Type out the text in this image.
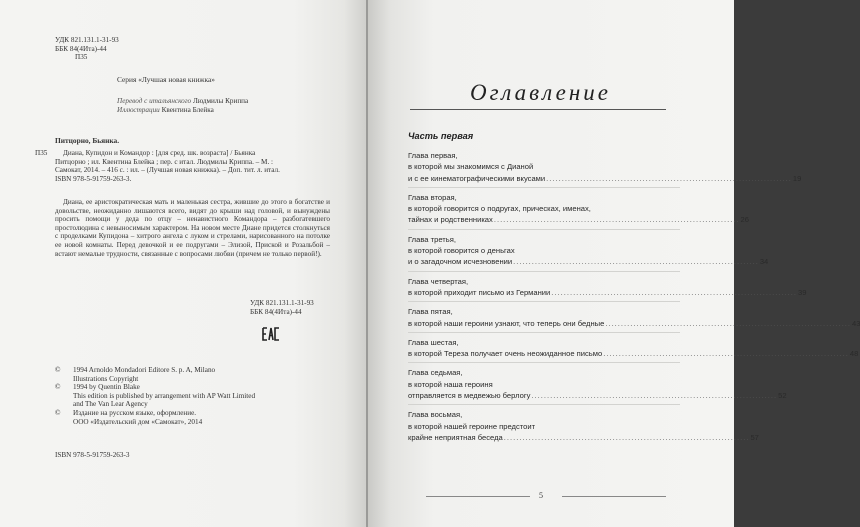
УДК 821.131.1-31-93
ББК 84(4Ита)-44
П35
Серия «Лучшая новая книжка»
Перевод с итальянского Людмилы Криппа
Иллюстрации Квентина Блейка
Питцорно, Бьянка.
П35	Диана, Купидон и Командор : [для сред. шк. возраста] / Бьянка
Питцорно ; ил. Квентина Блейка ; пер. с итал. Людмилы Криппа. – М. :
Самокат, 2014. – 416 с. : ил. – (Лучшая новая книжка). – Доп. тит. л. итал.
ISBN 978-5-91759-263-3.
Диана, ее аристократическая мать и маленькая сестра, жившие до этого в богатстве и довольстве, неожиданно лишаются всего, видят до крыши над головой, и вынуждены просить помощи у деда по отцу – ненавистного Командора – разбогатевшего простолюдина с невыносимым характером. На новом месте Диане придется столкнуться с проделками Купидона – хитрого ангела с луком и стрелами, нарисованного на потолке ее новой комнаты. Перед девочкой и ее подругами – Элизой, Приской и Розальбой – встают немалые трудности, связанные с вопросами любви (причем не только первой!).
УДК 821.131.1-31-93
ББК 84(4Ита)-44
©	1994 Arnoldo Mondadori Editore S. p. A, Milano
Illustrations Copyright
©	1994 by Quentin Blake
This edition is published by arrangement with AP Watt Limited
and The Van Lear Agency
©	Издание на русском языке, оформление.
ООО «Издательский дом «Самокат», 2014
ISBN 978-5-91759-263-3
Оглавление
Часть первая
Глава первая,
в которой мы знакомимся с Дианой
и с ее кинематографическими вкусами ............................................................................... 19
Глава вторая,
в которой говорится о подругах, прическах, именах,
тайнах и родственниках ............................................................................... 26
Глава третья,
в которой говорится о деньгах
и о загадочном исчезновении ............................................................................... 34
Глава четвертая,
в которой приходит письмо из Германии ............................................................................... 39
Глава пятая,
в которой наши героини узнают, что теперь они бедные ............................................................................... 43
Глава шестая,
в которой Тереза получает очень неожиданное письмо ............................................................................... 48
Глава седьмая,
в которой наша героиня
отправляется в медвежью берлогу ............................................................................... 52
Глава восьмая,
в которой нашей героине предстоит
крайне неприятная беседа ............................................................................... 57
5
